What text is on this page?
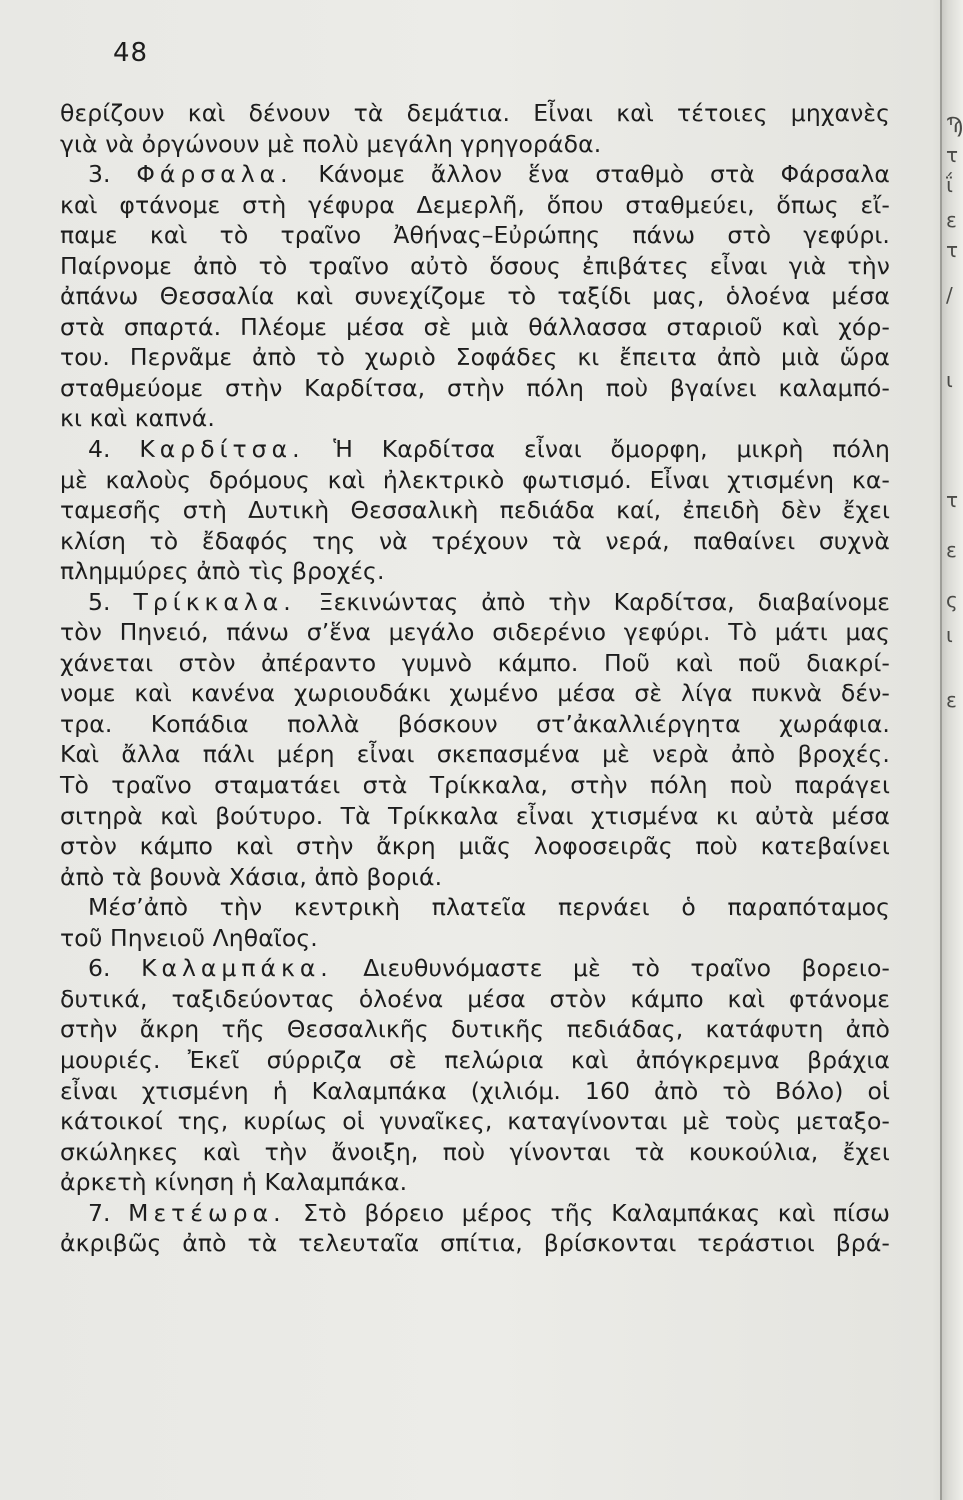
48
θερίζουν καὶ δένουν τὰ δεμάτια. Εἶναι καὶ τέτοιες μηχανὲς
γιὰ νὰ ὀργώνουν μὲ πολὺ μεγάλη γρηγοράδα.
3. Φάρσαλα. Κάνομε ἄλλον ἕνα σταθμὸ στὰ Φάρσαλα
καὶ φτάνομε στὴ γέφυρα Δεμερλῆ, ὅπου σταθμεύει, ὅπως εἴ-
παμε καὶ τὸ τραῖνο Ἀθήνας–Εὐρώπης πάνω στὸ γεφύρι.
Παίρνομε ἀπὸ τὸ τραῖνο αὐτὸ ὅσους ἐπιβάτες εἶναι γιὰ τὴν
ἀπάνω Θεσσαλία καὶ συνεχίζομε τὸ ταξίδι μας, ὁλοένα μέσα
στὰ σπαρτά. Πλέομε μέσα σὲ μιὰ θάλλασσα σταριοῦ καὶ χόρ-
του. Περνᾶμε ἀπὸ τὸ χωριὸ Σοφάδες κι ἔπειτα ἀπὸ μιὰ ὥρα
σταθμεύομε στὴν Καρδίτσα, στὴν πόλη ποὺ βγαίνει καλαμπό-
κι καὶ καπνά.
4. Καρδίτσα. Ἡ Καρδίτσα εἶναι ὄμορφη, μικρὴ πόλη
μὲ καλοὺς δρόμους καὶ ἠλεκτρικὸ φωτισμό. Εἶναι χτισμένη κα-
ταμεσῆς στὴ Δυτικὴ Θεσσαλικὴ πεδιάδα καί, ἐπειδὴ δὲν ἔχει
κλίση τὸ ἔδαφός της νὰ τρέχουν τὰ νερά, παθαίνει συχνὰ
πλημμύρες ἀπὸ τὶς βροχές.
5. Τρίκκαλα. Ξεκινώντας ἀπὸ τὴν Καρδίτσα, διαβαίνομε
τὸν Πηνειό, πάνω σ’ἕνα μεγάλο σιδερένιο γεφύρι. Τὸ μάτι μας
χάνεται στὸν ἀπέραντο γυμνὸ κάμπο. Ποῦ καὶ ποῦ διακρί-
νομε καὶ κανένα χωριουδάκι χωμένο μέσα σὲ λίγα πυκνὰ δέν-
τρα. Κοπάδια πολλὰ βόσκουν στ’ἀκαλλιέργητα χωράφια.
Καὶ ἄλλα πάλι μέρη εἶναι σκεπασμένα μὲ νερὰ ἀπὸ βροχές.
Τὸ τραῖνο σταματάει στὰ Τρίκκαλα, στὴν πόλη ποὺ παράγει
σιτηρὰ καὶ βούτυρο. Τὰ Τρίκκαλα εἶναι χτισμένα κι αὐτὰ μέσα
στὸν κάμπο καὶ στὴν ἄκρη μιᾶς λοφοσειρᾶς ποὺ κατεβαίνει
ἀπὸ τὰ βουνὰ Χάσια, ἀπὸ βοριά.
Μέσ’ἀπὸ τὴν κεντρικὴ πλατεῖα περνάει ὁ παραπόταμος
τοῦ Πηνειοῦ Ληθαῖος.
6. Καλαμπάκα. Διευθυνόμαστε μὲ τὸ τραῖνο βορειο-
δυτικά, ταξιδεύοντας ὁλοένα μέσα στὸν κάμπο καὶ φτάνομε
στὴν ἄκρη τῆς Θεσσαλικῆς δυτικῆς πεδιάδας, κατάφυτη ἀπὸ
μουριές. Ἐκεῖ σύρριζα σὲ πελώρια καὶ ἀπόγκρεμνα βράχια
εἶναι χτισμένη ἡ Καλαμπάκα (χιλιόμ. 160 ἀπὸ τὸ Βόλο) οἱ
κάτοικοί της, κυρίως οἱ γυναῖκες, καταγίνονται μὲ τοὺς μεταξο-
σκώληκες καὶ τὴν ἄνοιξη, ποὺ γίνονται τὰ κουκούλια, ἔχει
ἀρκετὴ κίνηση ἡ Καλαμπάκα.
7. Μετέωρα. Στὸ βόρειο μέρος τῆς Καλαμπάκας καὶ πίσω
ἀκριβῶς ἀπὸ τὰ τελευταῖα σπίτια, βρίσκονται τεράστιοι βρά-
Ϡ
τ
ΐ
ε
τ
/
ι
τ
ε
ς
ι
ε
